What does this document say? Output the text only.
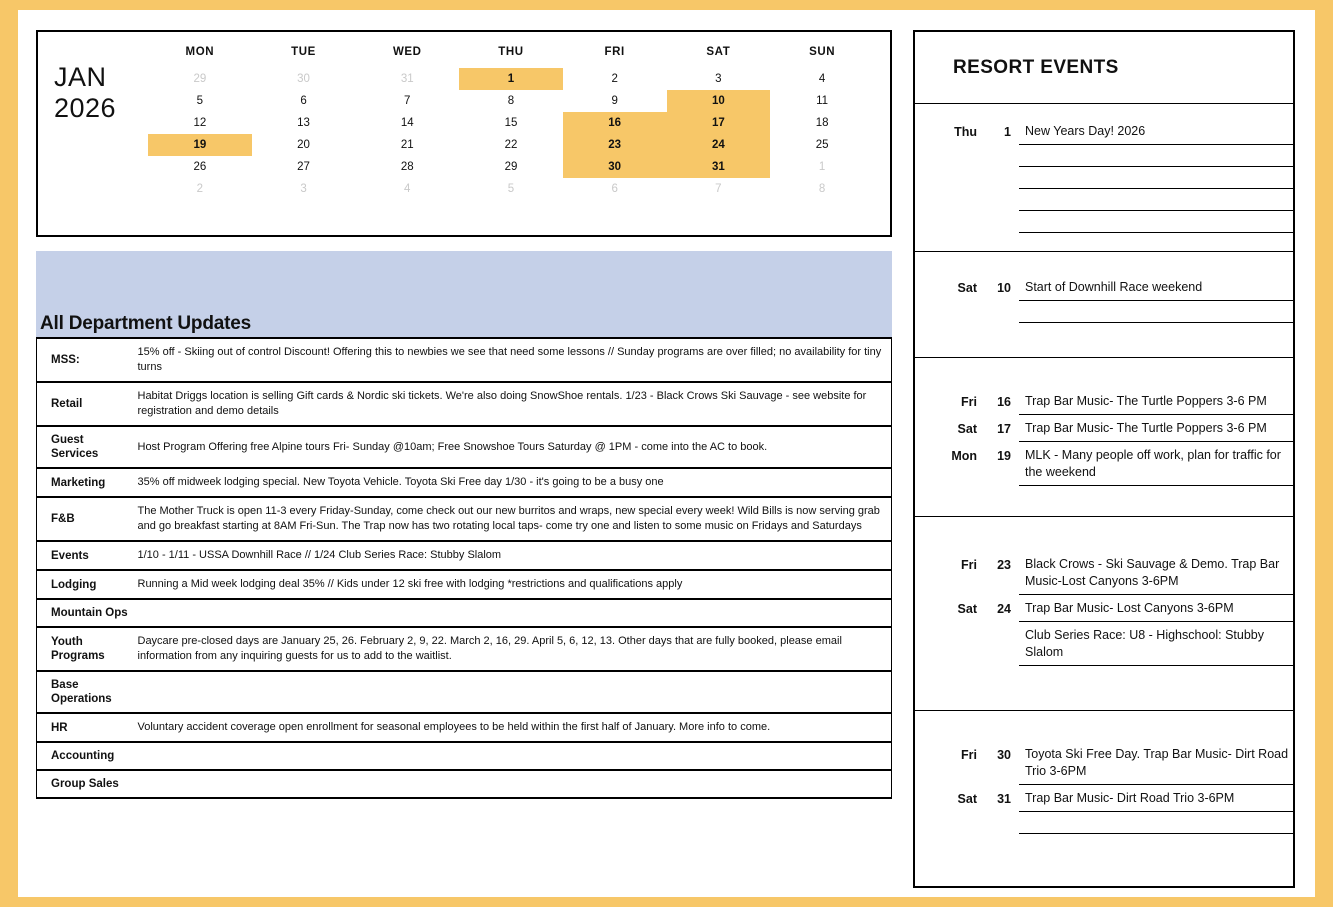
JAN
2026
MON	TUE	WED	THU	FRI	SAT	SUN
29	30	31	1	2	3	4
5	6	7	8	9	10	11
12	13	14	15	16	17	18
19	20	21	22	23	24	25
26	27	28	29	30	31	1
2	3	4	5	6	7	8
All Department Updates
MSS:	15% off - Skiing out of control Discount! Offering this to newbies we see that need some lessons // Sunday programs are over filled; no availability for tiny turns
Retail	Habitat Driggs location is selling Gift cards & Nordic ski tickets. We're also doing SnowShoe rentals. 1/23 - Black Crows Ski Sauvage - see website for registration and demo details
Guest Services	Host Program Offering free Alpine tours Fri- Sunday @10am; Free Snowshoe Tours Saturday @ 1PM - come into the AC to book.
Marketing	35% off midweek lodging special. New Toyota Vehicle. Toyota Ski Free day 1/30 - it's going to be a busy one
F&B	The Mother Truck is open 11-3 every Friday-Sunday, come check out our new burritos and wraps, new special every week! Wild Bills is now serving grab and go breakfast starting at 8AM Fri-Sun. The Trap now has two rotating local taps- come try one and listen to some music on Fridays and Saturdays
Events	1/10 - 1/11 - USSA Downhill Race // 1/24 Club Series Race: Stubby Slalom
Lodging	Running a Mid week lodging deal 35% // Kids under 12 ski free with lodging *restrictions and qualifications apply
Mountain Ops	
Youth Programs	Daycare pre-closed days are January 25, 26. February 2, 9, 22. March 2, 16, 29. April 5, 6, 12, 13. Other days that are fully booked, please email information from any inquiring guests for us to add to the waitlist.
Base Operations	
HR	Voluntary accident coverage open enrollment for seasonal employees to be held within the first half of January. More info to come.
Accounting	
Group Sales	
RESORT EVENTS
Thu	1	New Years Day! 2026

Sat	10	Start of Downhill Race weekend

Fri	16	Trap Bar Music- The Turtle Poppers 3-6 PM
Sat	17	Trap Bar Music- The Turtle Poppers 3-6 PM
Mon	19	MLK - Many people off work, plan for traffic for the weekend
Fri	23	Black Crows - Ski Sauvage & Demo. Trap Bar Music-Lost Canyons 3-6PM
Sat	24	Trap Bar Music- Lost Canyons 3-6PM
		Club Series Race: U8 - Highschool: Stubby Slalom
Fri	30	Toyota Ski Free Day. Trap Bar Music- Dirt Road Trio 3-6PM
Sat	31	Trap Bar Music- Dirt Road Trio 3-6PM
